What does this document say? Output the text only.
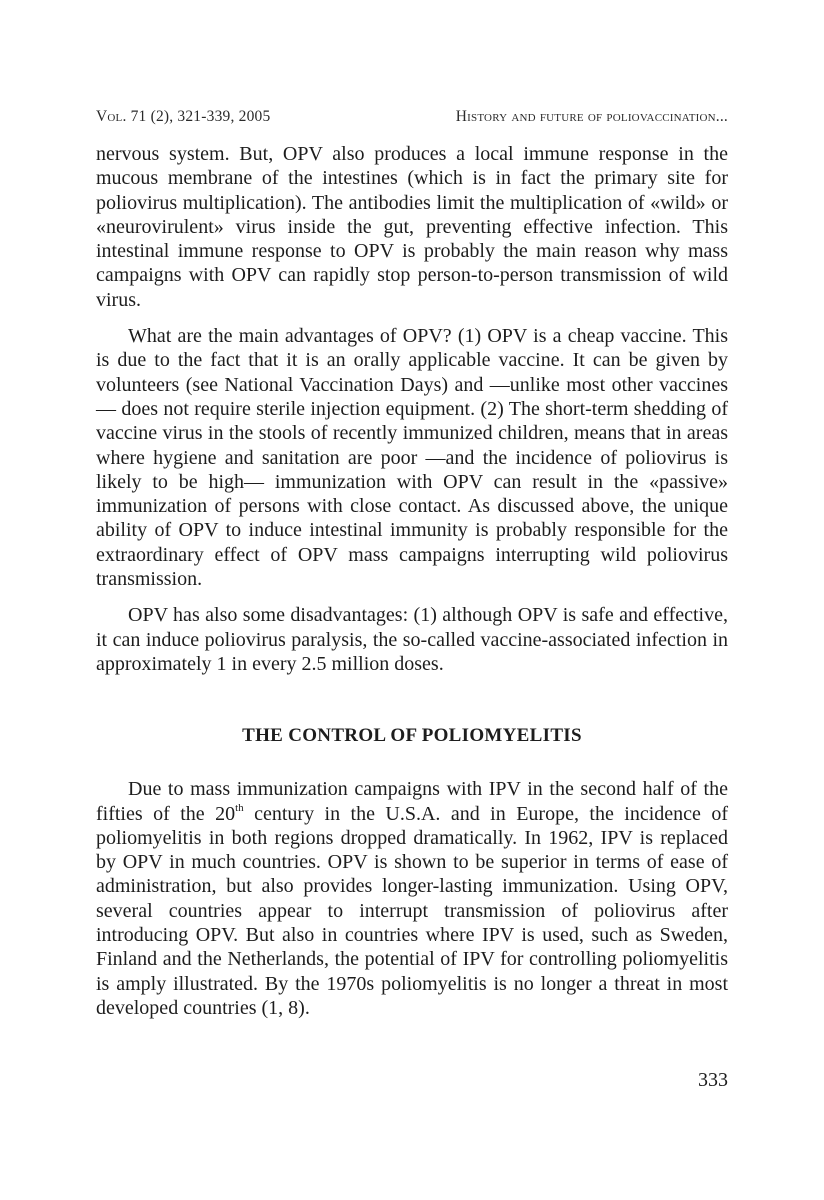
Vol. 71 (2), 321-339, 2005	History and future of poliovaccination...

nervous system. But, OPV also produces a local immune response in the mucous membrane of the intestines (which is in fact the primary site for poliovirus multiplication). The antibodies limit the multiplication of «wild» or «neurovirulent» virus inside the gut, preventing effective infection. This intestinal immune response to OPV is probably the main reason why mass campaigns with OPV can rapidly stop person-to-person transmission of wild virus.

What are the main advantages of OPV? (1) OPV is a cheap vaccine. This is due to the fact that it is an orally applicable vaccine. It can be given by volunteers (see National Vaccination Days) and —unlike most other vaccines— does not require sterile injection equipment. (2) The short-term shedding of vaccine virus in the stools of recently immunized children, means that in areas where hygiene and sanitation are poor —and the incidence of poliovirus is likely to be high— immunization with OPV can result in the «passive» immunization of persons with close contact. As discussed above, the unique ability of OPV to induce intestinal immunity is probably responsible for the extraordinary effect of OPV mass campaigns interrupting wild poliovirus transmission.

OPV has also some disadvantages: (1) although OPV is safe and effective, it can induce poliovirus paralysis, the so-called vaccine-associated infection in approximately 1 in every 2.5 million doses.

THE CONTROL OF POLIOMYELITIS

Due to mass immunization campaigns with IPV in the second half of the fifties of the 20th century in the U.S.A. and in Europe, the incidence of poliomyelitis in both regions dropped dramatically. In 1962, IPV is replaced by OPV in much countries. OPV is shown to be superior in terms of ease of administration, but also provides longer-lasting immunization. Using OPV, several countries appear to interrupt transmission of poliovirus after introducing OPV. But also in countries where IPV is used, such as Sweden, Finland and the Netherlands, the potential of IPV for controlling poliomyelitis is amply illustrated. By the 1970s poliomyelitis is no longer a threat in most developed countries (1, 8).

333
